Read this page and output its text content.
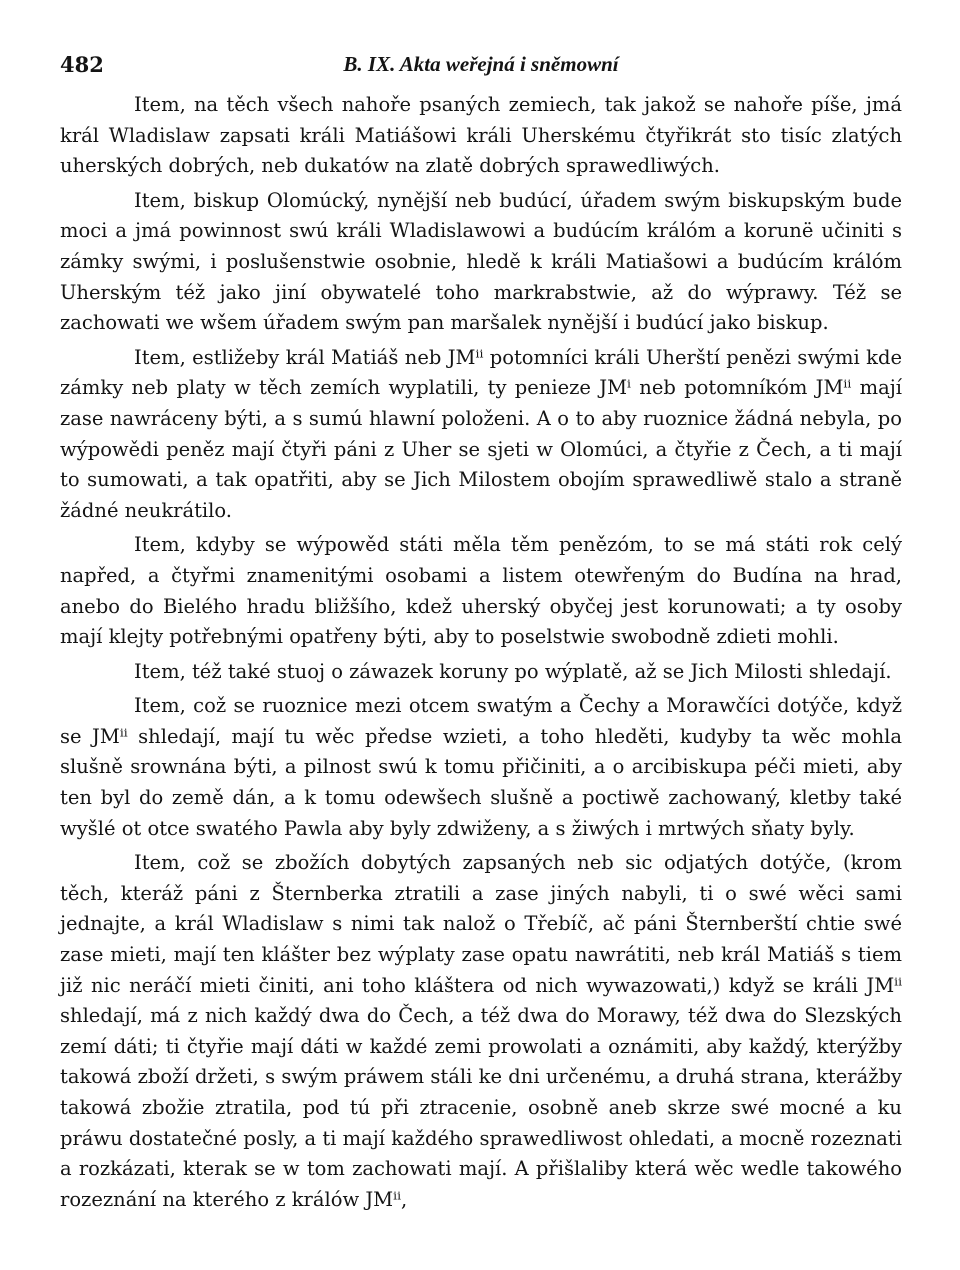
482	B. IX. Akta weřejná i sněmowní

Item, na těch všech nahoře psaných zemiech, tak jakož se nahoře píše, jmá král Wladislaw zapsati králi Matiášowi králi Uherskému čtyřikrát sto tisíc zlatých uherských dobrých, neb dukatów na zlatě dobrých sprawedliwých.

Item, biskup Olomúcký, nynější neb budúcí, úřadem swým biskupským bude moci a jmá powinnost swú králi Wladislawowi a budúcím králóm a korunë učiniti s zámky swými, i poslušenstwie osobnie, hledě k králi Matiašowi a budúcím králóm Uherským též jako jiní obywatelé toho markrabstwie, až do wýprawy. Též se zachowati we wšem úřadem swým pan maršalek nynější i budúcí jako biskup.

Item, estližeby král Matiáš neb JMⁱⁱ potomníci králi Uherští penězi swými kde zámky neb platy w těch zemích wyplatili, ty penieze JMⁱ neb potomníkóm JMⁱⁱ mají zase nawráceny býti, a s sumú hlawní položeni. A o to aby ruoznice žádná nebyla, po wýpowědi peněz mají čtyři páni z Uher se sjeti w Olomúci, a čtyřie z Čech, a ti mají to sumowati, a tak opatřiti, aby se Jich Milostem obojím sprawedliwě stalo a straně žádné neukrátilo.

Item, kdyby se wýpowěd státi měla těm penězóm, to se má státi rok celý napřed, a čtyřmi znamenitými osobami a listem otewřeným do Budína na hrad, anebo do Bielého hradu bližšího, kdež uherský obyčej jest korunowati; a ty osoby mají klejty potřebnými opatřeny býti, aby to poselstwie swobodně zdieti mohli.

Item, též také stuoj o záwazek koruny po wýplatě, až se Jich Milosti shledají.

Item, což se ruoznice mezi otcem swatým a Čechy a Morawčíci dotýče, když se JMⁱⁱ shledají, mají tu wěc předse wzieti, a toho hleděti, kudyby ta wěc mohla slušně srownána býti, a pilnost swú k tomu přičiniti, a o arcibiskupa péči mieti, aby ten byl do země dán, a k tomu odewšech slušně a poctiwě zachowaný, kletby také wyšlé ot otce swatého Pawla aby byly zdwiženy, a s žiwých i mrtwých sňaty byly.

Item, což se zbožích dobytých zapsaných neb sic odjatých dotýče, (krom těch, kteráž páni z Šternberka ztratili a zase jiných nabyli, ti o swé wěci sami jednajte, a král Wladislaw s nimi tak nalož o Třebíč, ač páni Šternberští chtie swé zase mieti, mají ten klášter bez wýplaty zase opatu nawrátiti, neb král Matiáš s tiem již nic neráčí mieti činiti, ani toho kláštera od nich wywazowati,) když se králi JMⁱⁱ shledají, má z nich každý dwa do Čech, a též dwa do Morawy, též dwa do Slezských zemí dáti; ti čtyřie mají dáti w každé zemi prowolati a oznámiti, aby každý, kterýžby takowá zboží držeti, s swým práwem stáli ke dni určenému, a druhá strana, kterážby takowá zbožie ztratila, pod tú při ztracenie, osobně aneb skrze swé mocné a ku práwu dostatečné posly, a ti mají každého sprawedliwost ohledati, a mocně rozeznati a rozkázati, kterak se w tom zachowati mají. A přišlaliby která wěc wedle takowého rozeznání na kterého z králów JMⁱⁱ,
